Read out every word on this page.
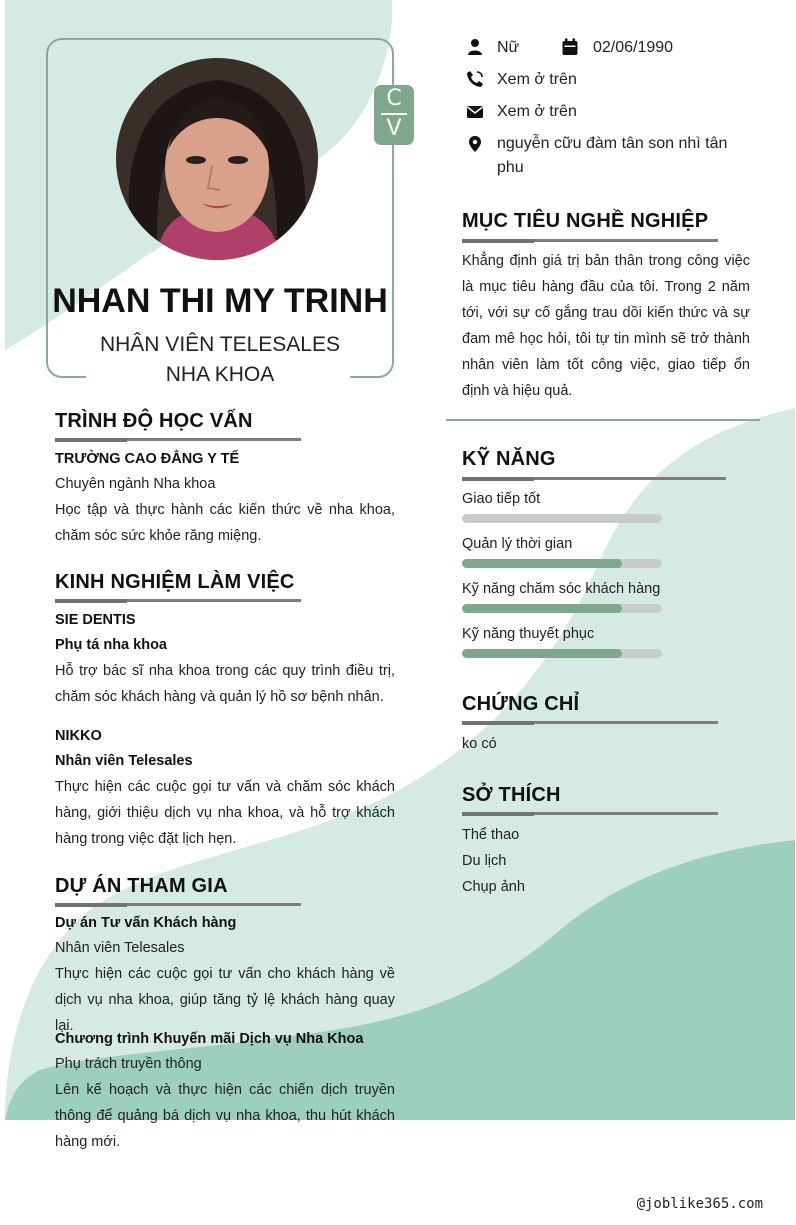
C
V
NHAN THI MY TRINH
NHÂN VIÊN TELESALES
NHA KHOA
Nữ	02/06/1990
Xem ở trên
Xem ở trên
nguyễn cữu đàm tân son nhì tân phu
MỤC TIÊU NGHỀ NGHIỆP
Khẳng định giá trị bản thân trong công việc là mục tiêu hàng đầu của tôi. Trong 2 năm tới, với sự cố gắng trau dồi kiến thức và sự đam mê học hỏi, tôi tự tin mình sẽ trở thành nhân viên làm tốt công việc, giao tiếp ổn định và hiệu quả.
TRÌNH ĐỘ HỌC VẤN
TRƯỜNG CAO ĐẲNG Y TẾ
Chuyên ngành Nha khoa
Học tập và thực hành các kiến thức về nha khoa, chăm sóc sức khỏe răng miệng.
KINH NGHIỆM LÀM VIỆC
SIE DENTIS
Phụ tá nha khoa
Hỗ trợ bác sĩ nha khoa trong các quy trình điều trị, chăm sóc khách hàng và quản lý hồ sơ bệnh nhân.
NIKKO
Nhân viên Telesales
Thực hiện các cuộc gọi tư vấn và chăm sóc khách hàng, giới thiệu dịch vụ nha khoa, và hỗ trợ khách hàng trong việc đặt lịch hẹn.
DỰ ÁN THAM GIA
Dự án Tư vấn Khách hàng
Nhân viên Telesales
Thực hiện các cuộc gọi tư vấn cho khách hàng về dịch vụ nha khoa, giúp tăng tỷ lệ khách hàng quay lại.
Chương trình Khuyến mãi Dịch vụ Nha Khoa
Phụ trách truyền thông
Lên kế hoạch và thực hiện các chiến dịch truyền thông để quảng bá dịch vụ nha khoa, thu hút khách hàng mới.
KỸ NĂNG
Giao tiếp tốt
Quản lý thời gian
Kỹ năng chăm sóc khách hàng
Kỹ năng thuyết phục
CHỨNG CHỈ
ko có
SỞ THÍCH
Thể thao
Du lịch
Chụp ảnh
@joblike365.com
